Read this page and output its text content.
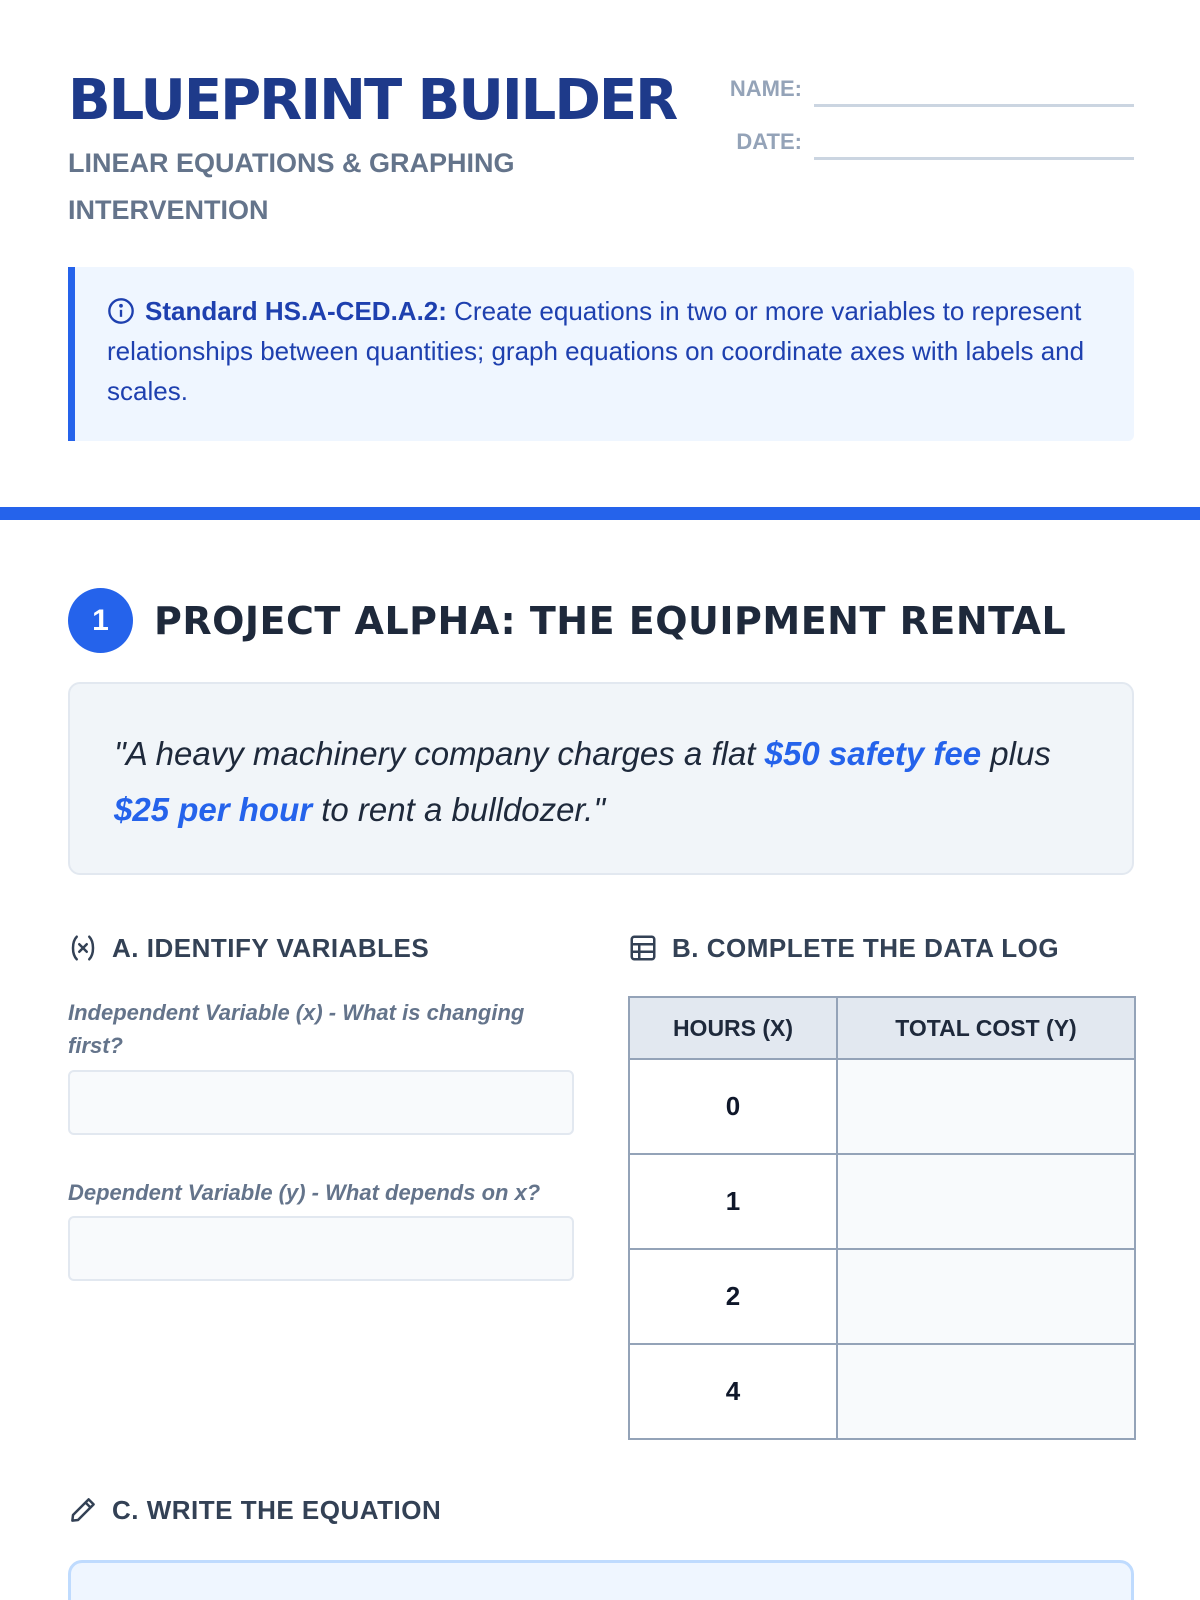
BLUEPRINT BUILDER
LINEAR EQUATIONS & GRAPHING INTERVENTION
NAME:
DATE:

Standard HS.A-CED.A.2: Create equations in two or more variables to represent relationships between quantities; graph equations on coordinate axes with labels and scales.

1	PROJECT ALPHA: THE EQUIPMENT RENTAL

"A heavy machinery company charges a flat $50 safety fee plus $25 per hour to rent a bulldozer."

A. IDENTIFY VARIABLES
Independent Variable (x) - What is changing first?
Dependent Variable (y) - What depends on x?
B. COMPLETE THE DATA LOG
HOURS (X)	TOTAL COST (Y)
0	
1	
2	
4	
C. WRITE THE EQUATION
